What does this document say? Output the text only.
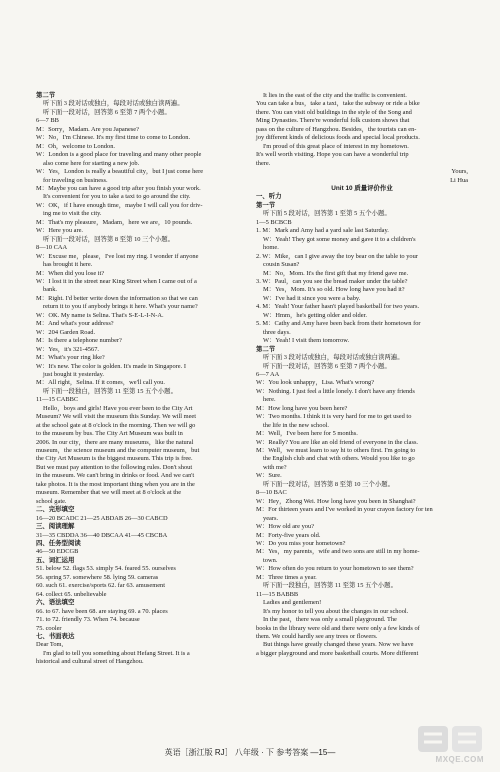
第二节

听下面 3 段对话或独白，每段对话或独白读两遍。

听下面一段对话，回答第 6 至第 7 两个小题。

6—7 BB

M：Sorry，Madam. Are you Japanese?

W：No，I'm Chinese. It's my first time to come to London.

M：Oh，welcome to London.

W：London is a good place for traveling and many other people

also come here for starting a new job.

W：Yes，London is really a beautiful city，but I just come here

for traveling on business.

M：Maybe you can have a good trip after you finish your work.

It's convenient for you to take a taxi to go around the city.

W：OK，if I have enough time，maybe I will call you for driv-

ing me to visit the city.

M：That's my pleasure，Madam，here we are，10 pounds.

W：Here you are.

听下面一段对话，回答第 8 至第 10 三个小题。

8—10 CAA

W：Excuse me，please，I've lost my ring. I wonder if anyone

has brought it here.

M：When did you lose it?

W：I lost it in the street near King Street when I came out of a

bank.

M：Right. I'd better write down the information so that we can

return it to you if anybody brings it here. What's your name?

W：OK. My name is Selina. That's S-E-L-I-N-A.

M：And what's your address?

W：204 Garden Road.

M：Is there a telephone number?

W：Yes，it's 321-4567.

M：What's your ring like?

W：It's new. The color is golden. It's made in Singapore. I

just bought it yesterday.

M：All right，Selina. If it comes，we'll call you.

听下面一段独白，回答第 11 至第 15 五个小题。

11—15 CABBC

Hello，boys and girls! Have you ever been to the City Art

Museum? We will visit the museum this Sunday. We will meet

at the school gate at 8 o'clock in the morning. Then we will go

to the museum by bus. The City Art Museum was built in

2006. In our city，there are many museums，like the natural

museum，the science museum and the computer museum，but

the City Art Museum is the biggest museum. This trip is free.

But we must pay attention to the following rules. Don't shout

in the museum. We can't bring in drinks or food. And we can't

take photos. It is the most important thing when you are in the

museum. Remember that we will meet at 8 o'clock at the

school gate.

二、完形填空

16—20 BCADC 21—25 ABDAB 26—30 CABCD

三、阅读理解

31—35 CBDDA 36—40 DBCAA 41—45 CBCBA

四、任务型阅读

46—50 EDCGB

五、词汇运用

51. below 52. flags 53. simply 54. feared 55. ourselves

56. spring 57. somewhere 58. lying 59. cameras

60. such 61. exercise/sports 62. far 63. amusement

64. collect 65. unbelievable

六、语法填空

66. to 67. have been 68. are staying 69. a 70. places

71. to 72. friendly 73. When 74. because

75. cooler

七、书面表达

Dear Tom,

I'm glad to tell you something about Hefang Street. It is a

historical and cultural street of Hangzhou.

It lies in the east of the city and the traffic is convenient.

You can take a bus，take a taxi，take the subway or ride a bike

there. You can visit old buildings in the style of the Song and

Ming Dynasties. There're wonderful folk custom shows that

pass on the culture of Hangzhou. Besides，the tourists can en-

joy different kinds of delicious foods and special local products.

I'm proud of this great place of interest in my hometown.

It's well worth visiting. Hope you can have a wonderful trip

there.

Yours,

Li Hua

Unit 10 质量评价作业

一、听力

第一节

听下面 5 段对话，回答第 1 至第 5 五个小题。

1—5 BCBCB

1. M：Mark and Amy had a yard sale last Saturday.

W：Yeah! They got some money and gave it to a children's

home.

2. W：Mike，can I give away the toy bear on the table to your

cousin Susan?

M：No，Mom. It's the first gift that my friend gave me.

3. W：Paul，can you see the bread maker under the table?

M：Yes，Mom. It's so old. How long have you had it?

W：I've had it since you were a baby.

4. M：Yeah! Your father hasn't played basketball for two years.

W：Hmm，he's getting older and older.

5. M：Cathy and Amy have been back from their hometown for

three days.

W：Yeah! I visit them tomorrow.

第二节

听下面 3 段对话或独白，每段对话或独白读两遍。

听下面一段对话，回答第 6 至第 7 两个小题。

6—7 AA

W：You look unhappy，Lisa. What's wrong?

W：Nothing. I just feel a little lonely. I don't have any friends

here.

M：How long have you been here?

W：Two months. I think it is very hard for me to get used to

the life in the new school.

M：Well，I've been here for 5 months.

W：Really? You are like an old friend of everyone in the class.

M：Well，we must learn to say hi to others first. I'm going to

the English club and chat with others. Would you like to go

with me?

W：Sure.

听下面一段对话，回答第 8 至第 10 三个小题。

8—10 BAC

W：Hey，Zhong Wei. How long have you been in Shanghai?

M：For thirteen years and I've worked in your crayon factory for ten

years.

W：How old are you?

M：Forty-five years old.

W：Do you miss your hometown?

M：Yes，my parents，wife and two sons are still in my home-

town.

W：How often do you return to your hometown to see them?

M：Three times a year.

听下面一段独白，回答第 11 至第 15 五个小题。

11—15 BABBB

Ladies and gentlemen!

It's my honor to tell you about the changes in our school.

In the past，there was only a small playground. The

books in the library were old and there were only a few kinds of

them. We could hardly see any trees or flowers.

But things have greatly changed these years. Now we have

a bigger playground and more basketball courts. More different

英语［浙江版 RJ］ 八年级 · 下 参考答案 —15—
MXQE.COM
